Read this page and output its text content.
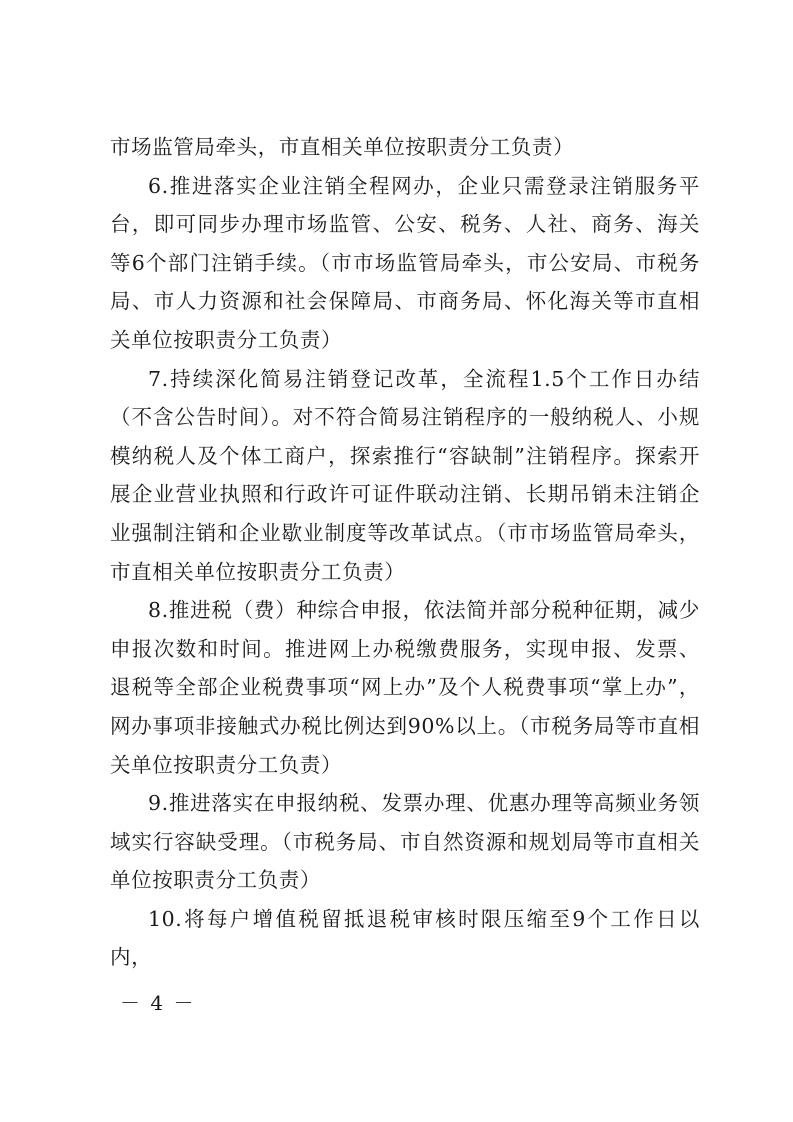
市场监管局牵头，市直相关单位按职责分工负责）

6.推进落实企业注销全程网办，企业只需登录注销服务平台，即可同步办理市场监管、公安、税务、人社、商务、海关等6个部门注销手续。（市市场监管局牵头，市公安局、市税务局、市人力资源和社会保障局、市商务局、怀化海关等市直相关单位按职责分工负责）

7.持续深化简易注销登记改革，全流程1.5个工作日办结（不含公告时间）。对不符合简易注销程序的一般纳税人、小规模纳税人及个体工商户，探索推行“容缺制”注销程序。探索开展企业营业执照和行政许可证件联动注销、长期吊销未注销企业强制注销和企业歇业制度等改革试点。（市市场监管局牵头，市直相关单位按职责分工负责）

8.推进税（费）种综合申报，依法简并部分税种征期，减少申报次数和时间。推进网上办税缴费服务，实现申报、发票、退税等全部企业税费事项“网上办”及个人税费事项“掌上办”，网办事项非接触式办税比例达到90%以上。（市税务局等市直相关单位按职责分工负责）

9.推进落实在申报纳税、发票办理、优惠办理等高频业务领域实行容缺受理。（市税务局、市自然资源和规划局等市直相关单位按职责分工负责）

10.将每户增值税留抵退税审核时限压缩至9个工作日以内，

－ 4 －
